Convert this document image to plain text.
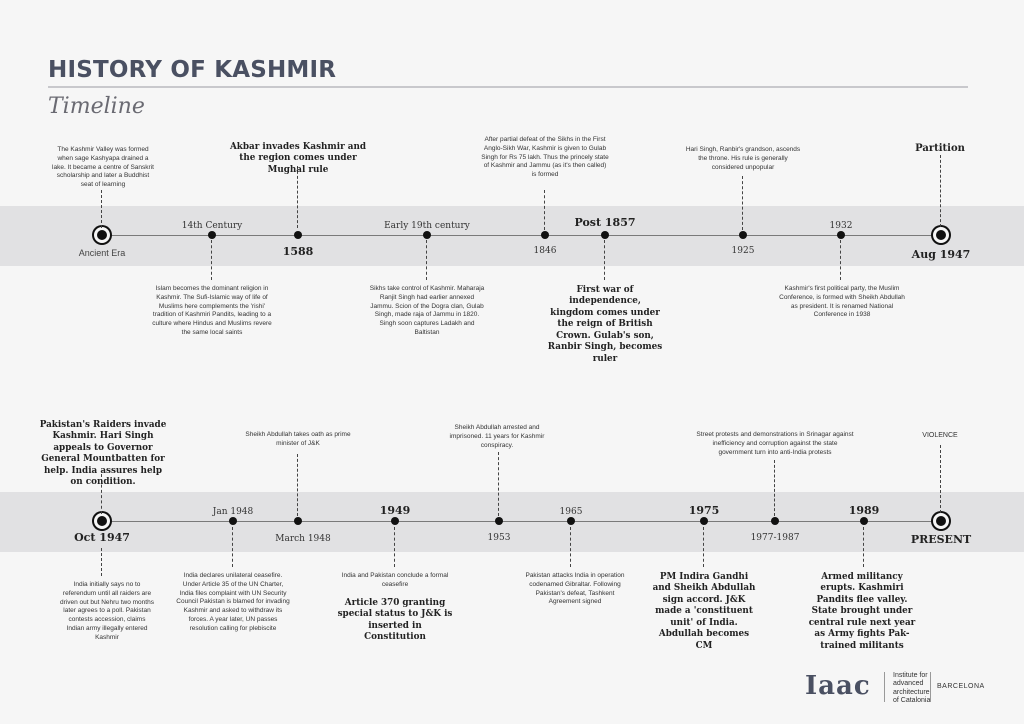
HISTORY OF KASHMIR
Timeline
Ancient Era
14th Century
1588
Early 19th century
1846
Post 1857
1925
1932
Aug 1947
The Kashmir Valley was formed when sage Kashyapa drained a lake. It became a centre of Sanskrit scholarship and later a Buddhist seat of learning
Akbar invades Kashmir and the region comes under Mughal rule
After partial defeat of the Sikhs in the First Anglo-Sikh War, Kashmir is given to Gulab Singh for Rs 75 lakh. Thus the princely state of Kashmir and Jammu (as it's then called) is formed
Hari Singh, Ranbir's grandson, ascends the throne. His rule is generally considered unpopular
Partition
Islam becomes the dominant religion in Kashmir. The Sufi-Islamic way of life of Muslims here complements the 'rishi' tradition of Kashmiri Pandits, leading to a culture where Hindus and Muslims revere the same local saints
Sikhs take control of Kashmir. Maharaja Ranjit Singh had earlier annexed Jammu. Scion of the Dogra clan, Gulab Singh, made raja of Jammu in 1820. Singh soon captures Ladakh and Baltistan
First war of independence, kingdom comes under the reign of British Crown. Gulab's son, Ranbir Singh, becomes ruler
Kashmir's first political party, the Muslim Conference, is formed with Sheikh Abdullah as president. It is renamed National Conference in 1938
Oct 1947
Jan 1948
March 1948
1949
1953
1965	1975
1977-1987
1989
PRESENT
Pakistan's Raiders invade Kashmir. Hari Singh appeals to Governor General Mountbatten for help. India assures help on condition.
Sheikh Abdullah takes oath as prime minister of J&K
Sheikh Abdullah arrested and imprisoned. 11 years for Kashmir conspiracy.
Street protests and demonstrations in Srinagar against inefficiency and corruption against the state government turn into anti-India protests
VIOLENCE
India initially says no to referendum until all raiders are driven out but Nehru two months later agrees to a poll. Pakistan contests accession, claims Indian army illegally entered Kashmir
India declares unilateral ceasefire. Under Article 35 of the UN Charter, India files complaint with UN Security Council Pakistan is blamed for invading Kashmir and asked to withdraw its forces. A year later, UN passes resolution calling for plebiscite
India and Pakistan conclude a formal ceasefire
Article 370 granting special status to J&K is inserted in Constitution
Pakistan attacks India in operation codenamed Gibraltar. Following Pakistan's defeat, Tashkent Agreement signed
PM Indira Gandhi and Sheikh Abdullah sign accord. J&K made a 'constituent unit' of India. Abdullah becomes CM
Armed militancy erupts. Kashmiri Pandits flee valley. State brought under central rule next year as Army fights Pak-trained militants
Iaac	Institute for advanced architecture of Catalonia
BARCELONA
